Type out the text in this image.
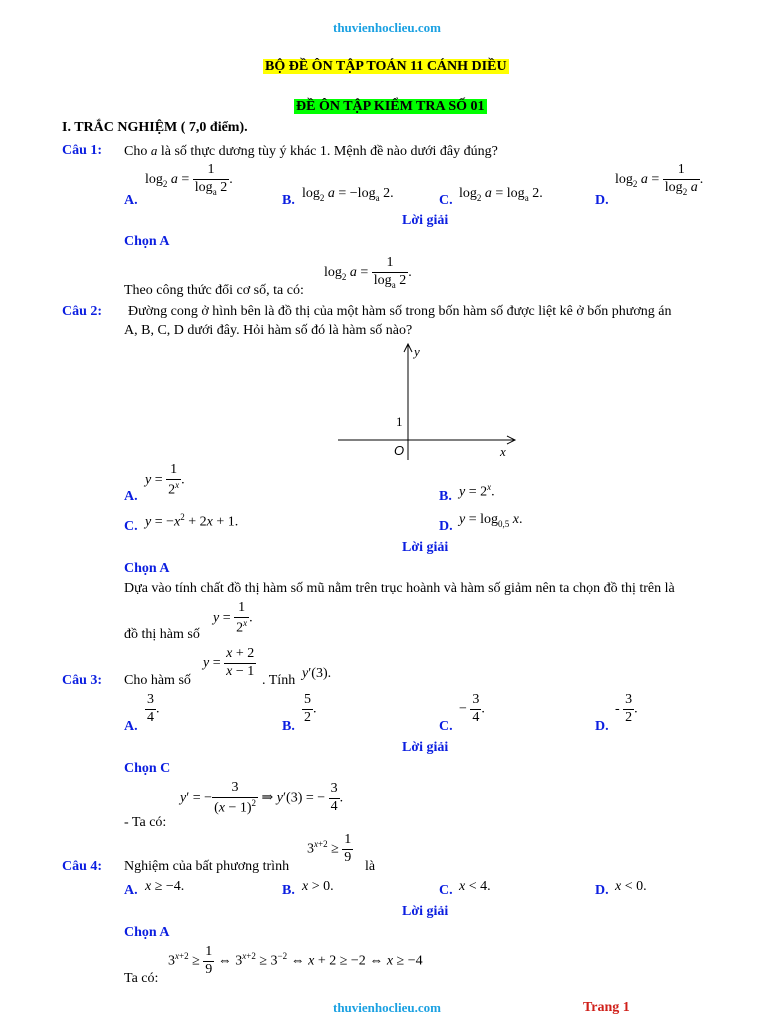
thuvienhoclieu.com
BỘ ĐỀ ÔN TẬP TOÁN 11 CÁNH DIỀU
ĐỀ ÔN TẬP KIỂM TRA SỐ 01
I. TRẮC NGHIỆM ( 7,0 điểm).
Câu 1: Cho a là số thực dương tùy ý khác 1. Mệnh đề nào dưới đây đúng?
A.
$\log_2 a = \frac{1}{\log_a 2}$ .
B. $\log_2 a = -\log_a$ 2.	C. $\log_2 a = \log_a 2$.	D.
$\log_2 a = \frac{1}{\log_2 a}$ .
Lời giải
Chọn A
$\log_2 a = \frac{1}{\log_a 2}$ .
Theo công thức đổi cơ số, ta có:
Câu 2: Đường cong ở hình bên là đồ thị của một hàm số trong bốn hàm số được liệt kê ở bốn phương án
A, B, C, D dưới đây. Hỏi hàm số đó là hàm số nào?
y
x
O
1
A.
$y = \frac{1}{2^x}$ .
B. $y = 2^x$.
C. $y = -x^2 + 2x + 1$.	D. $y = \log_{0,5} x$.
Lời giải
Chọn A
Dựa vào tính chất đồ thị hàm số mũ nằm trên trục hoành và hàm số giảm nên ta chọn đồ thị trên là
đồ thị hàm số
$y = \frac{1}{2^x}$ .
Câu 3: Cho hàm số
$y = \frac{x + 2}{x - 1}$
. Tính y′(3).
A.
$\frac{3}{4}$ .
B.
$\frac{5}{2}$ .
C.
− $\frac{3}{4}$ .
D.
- $\frac{3}{2}$ .
Lời giải
Chọn C
y′ = − $\frac{3}{(x - 1)^2}$ ⇒ y′(3) = − $\frac{3}{4}$ .
- Ta có:
Câu 4: Nghiệm của bất phương trình
$3^{x+2} \ge \frac{1}{9}$
là
A. x ≥ −4.	B. x > 0.	C. x < 4.	D. x < 0.
Lời giải
Chọn A
$3^{x+2} \ge \frac{1}{9}$ ⇔ $3^{x+2} \ge 3^{-2}$ ⇔ x + 2 ≥ −2 ⇔ x ≥ −4
Ta có:
thuvienhoclieu.com	Trang 1
